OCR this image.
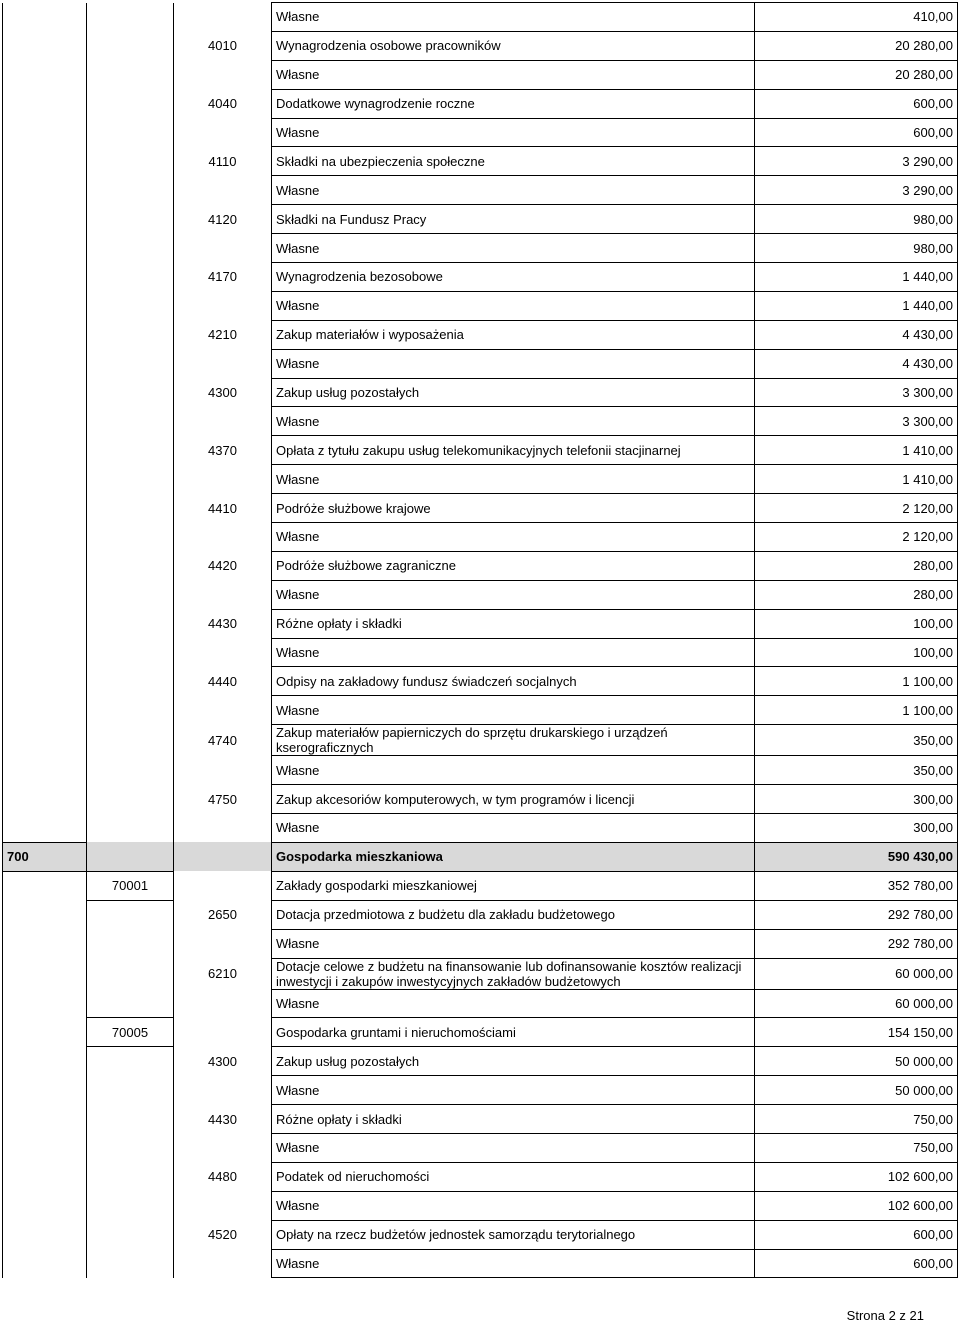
			Własne	410,00
		4010	Wynagrodzenia osobowe pracowników	20 280,00
			Własne	20 280,00
		4040	Dodatkowe wynagrodzenie roczne	600,00
			Własne	600,00
		4110	Składki na ubezpieczenia społeczne	3 290,00
			Własne	3 290,00
		4120	Składki na Fundusz Pracy	980,00
			Własne	980,00
		4170	Wynagrodzenia bezosobowe	1 440,00
			Własne	1 440,00
		4210	Zakup materiałów i wyposażenia	4 430,00
			Własne	4 430,00
		4300	Zakup usług pozostałych	3 300,00
			Własne	3 300,00
		4370	Opłata z tytułu zakupu usług telekomunikacyjnych telefonii stacjinarnej	1 410,00
			Własne	1 410,00
		4410	Podróże służbowe krajowe	2 120,00
			Własne	2 120,00
		4420	Podróże służbowe zagraniczne	280,00
			Własne	280,00
		4430	Różne opłaty i składki	100,00
			Własne	100,00
		4440	Odpisy na zakładowy fundusz świadczeń socjalnych	1 100,00
			Własne	1 100,00
		4740	Zakup materiałów papierniczych do sprzętu drukarskiego i urządzeń kserograficznych	350,00
			Własne	350,00
		4750	Zakup akcesoriów komputerowych, w tym programów i licencji	300,00
			Własne	300,00
700			Gospodarka mieszkaniowa	590 430,00
	70001		Zakłady gospodarki mieszkaniowej	352 780,00
		2650	Dotacja przedmiotowa z budżetu dla zakładu budżetowego	292 780,00
			Własne	292 780,00
		6210	Dotacje celowe z budżetu na finansowanie lub dofinansowanie kosztów realizacji inwestycji i zakupów inwestycyjnych zakładów budżetowych	60 000,00
			Własne	60 000,00
	70005		Gospodarka gruntami i nieruchomościami	154 150,00
		4300	Zakup usług pozostałych	50 000,00
			Własne	50 000,00
		4430	Różne opłaty i składki	750,00
			Własne	750,00
		4480	Podatek od nieruchomości	102 600,00
			Własne	102 600,00
		4520	Opłaty na rzecz budżetów jednostek samorządu terytorialnego	600,00
			Własne	600,00
Strona 2 z 21
